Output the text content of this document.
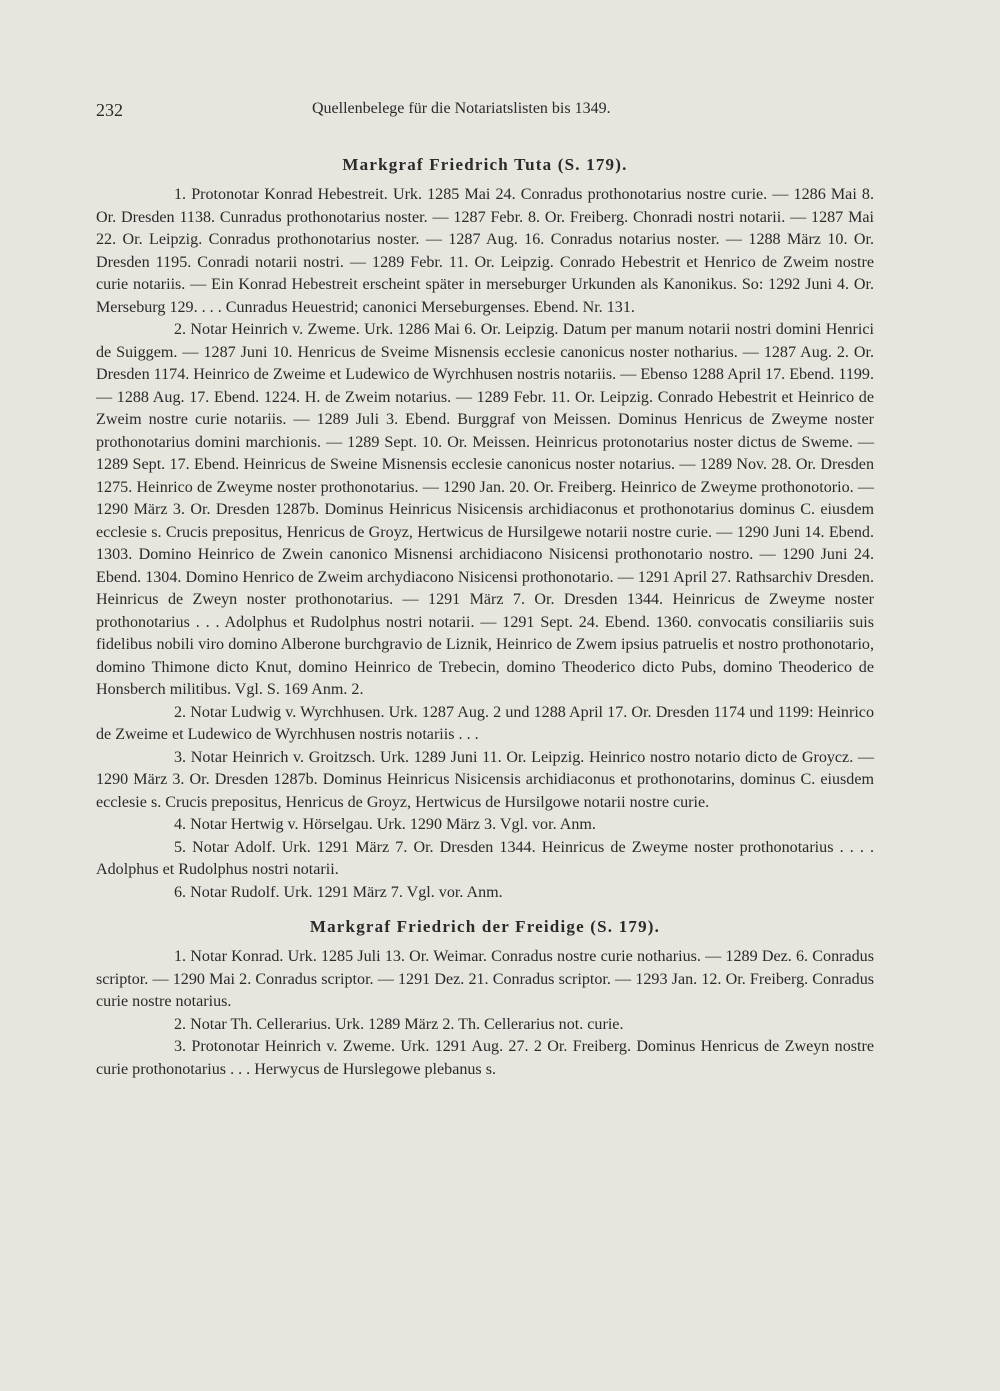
232	Quellenbelege für die Notariatslisten bis 1349.
Markgraf Friedrich Tuta (S. 179).

1. Protonotar Konrad Hebestreit. Urk. 1285 Mai 24. Conradus prothonotarius nostre curie. — 1286 Mai 8. Or. Dresden 1138. Cunradus prothonotarius noster. — 1287 Febr. 8. Or. Freiberg. Chonradi nostri notarii. — 1287 Mai 22. Or. Leipzig. Conradus prothonotarius noster. — 1287 Aug. 16. Conradus notarius noster. — 1288 März 10. Or. Dresden 1195. Conradi notarii nostri. — 1289 Febr. 11. Or. Leipzig. Conrado Hebestrit et Henrico de Zweim nostre curie notariis. — Ein Konrad Hebestreit erscheint später in merseburger Urkunden als Kanonikus. So: 1292 Juni 4. Or. Merseburg 129. . . . Cunradus Heuestrid; canonici Merseburgenses. Ebend. Nr. 131.

2. Notar Heinrich v. Zweme. Urk. 1286 Mai 6. Or. Leipzig. Datum per manum notarii nostri domini Henrici de Suiggem. — 1287 Juni 10. Henricus de Sveime Misnensis ecclesie canonicus noster notharius. — 1287 Aug. 2. Or. Dresden 1174. Heinrico de Zweime et Ludewico de Wyrchhusen nostris notariis. — Ebenso 1288 April 17. Ebend. 1199. — 1288 Aug. 17. Ebend. 1224. H. de Zweim notarius. — 1289 Febr. 11. Or. Leipzig. Conrado Hebestrit et Heinrico de Zweim nostre curie notariis. — 1289 Juli 3. Ebend. Burggraf von Meissen. Dominus Henricus de Zweyme noster prothonotarius domini marchionis. — 1289 Sept. 10. Or. Meissen. Heinricus protonotarius noster dictus de Sweme. — 1289 Sept. 17. Ebend. Heinricus de Sweine Misnensis ecclesie canonicus noster notarius. — 1289 Nov. 28. Or. Dresden 1275. Heinrico de Zweyme noster prothonotarius. — 1290 Jan. 20. Or. Freiberg. Heinrico de Zweyme prothonotorio. — 1290 März 3. Or. Dresden 1287b. Dominus Heinricus Nisicensis archidiaconus et prothonotarius dominus C. eiusdem ecclesie s. Crucis prepositus, Henricus de Groyz, Hertwicus de Hursilgewe notarii nostre curie. — 1290 Juni 14. Ebend. 1303. Domino Heinrico de Zwein canonico Misnensi archidiacono Nisicensi prothonotario nostro. — 1290 Juni 24. Ebend. 1304. Domino Henrico de Zweim archydiacono Nisicensi prothonotario. — 1291 April 27. Rathsarchiv Dresden. Heinricus de Zweyn noster prothonotarius. — 1291 März 7. Or. Dresden 1344. Heinricus de Zweyme noster prothonotarius . . . Adolphus et Rudolphus nostri notarii. — 1291 Sept. 24. Ebend. 1360. convocatis consiliariis suis fidelibus nobili viro domino Alberone burchgravio de Liznik, Heinrico de Zwem ipsius patruelis et nostro prothonotario, domino Thimone dicto Knut, domino Heinrico de Trebecin, domino Theoderico dicto Pubs, domino Theoderico de Honsberch militibus. Vgl. S. 169 Anm. 2.

2. Notar Ludwig v. Wyrchhusen. Urk. 1287 Aug. 2 und 1288 April 17. Or. Dresden 1174 und 1199: Heinrico de Zweime et Ludewico de Wyrchhusen nostris notariis . . .

3. Notar Heinrich v. Groitzsch. Urk. 1289 Juni 11. Or. Leipzig. Heinrico nostro notario dicto de Groycz. — 1290 März 3. Or. Dresden 1287b. Dominus Heinricus Nisicensis archidiaconus et prothonotarins, dominus C. eiusdem ecclesie s. Crucis prepositus, Henricus de Groyz, Hertwicus de Hursilgowe notarii nostre curie.

4. Notar Hertwig v. Hörselgau. Urk. 1290 März 3. Vgl. vor. Anm.

5. Notar Adolf. Urk. 1291 März 7. Or. Dresden 1344. Heinricus de Zweyme noster prothonotarius . . . . Adolphus et Rudolphus nostri notarii.

6. Notar Rudolf. Urk. 1291 März 7. Vgl. vor. Anm.

Markgraf Friedrich der Freidige (S. 179).

1. Notar Konrad. Urk. 1285 Juli 13. Or. Weimar. Conradus nostre curie notharius. — 1289 Dez. 6. Conradus scriptor. — 1290 Mai 2. Conradus scriptor. — 1291 Dez. 21. Conradus scriptor. — 1293 Jan. 12. Or. Freiberg. Conradus curie nostre notarius.

2. Notar Th. Cellerarius. Urk. 1289 März 2. Th. Cellerarius not. curie.

3. Protonotar Heinrich v. Zweme. Urk. 1291 Aug. 27. 2 Or. Freiberg. Dominus Henricus de Zweyn nostre curie prothonotarius . . . Herwycus de Hurslegowe plebanus s.
